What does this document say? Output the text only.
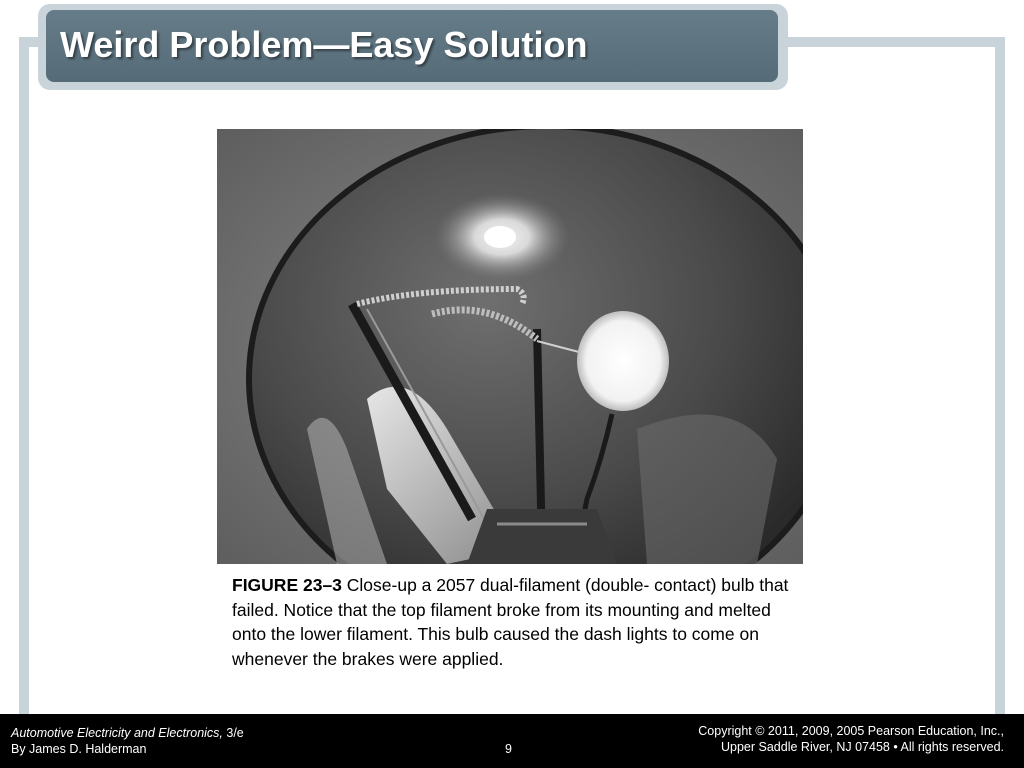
Weird Problem—Easy Solution
FIGURE 23–3 Close-up a 2057 dual-filament (double- contact) bulb that failed. Notice that the top filament broke from its mounting and melted onto the lower filament. This bulb caused the dash lights to come on whenever the brakes were applied.
Automotive Electricity and Electronics, 3/e
By James D. Halderman	9
Copyright © 2011, 2009, 2005 Pearson Education, Inc.,
Upper Saddle River, NJ 07458 • All rights reserved.
